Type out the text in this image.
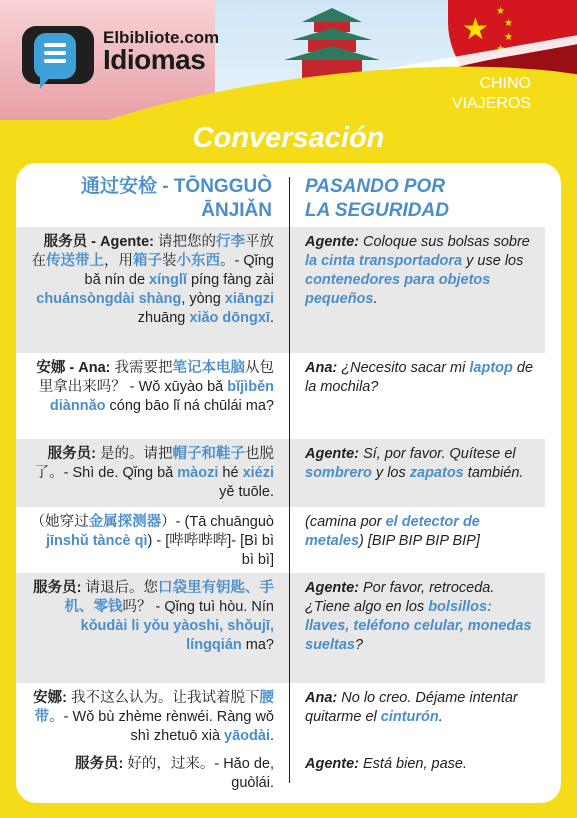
★
★
★
★
Elbibliote.com
Idiomas
CHINO
VIAJEROS
Conversación
通过安检 - TŌNGGUÒ ĀNJIǍN
PASANDO POR
LA SEGURIDAD
服务员 - Agente: 请把您的行李平放在传送带上，用箱子装小东西。- Qǐng bǎ nín de xínglǐ píng fàng zài chuánsòngdài shàng, yòng xiāngzi zhuāng xiǎo dōngxī.
Agente: Coloque sus bolsas sobre la cinta transportadora y use los contenedores para objetos pequeños.
安娜 - Ana: 我需要把笔记本电脑从包里拿出来吗？ - Wǒ xūyào bǎ bǐjìběn diànnǎo cóng bāo lǐ ná chūlái ma?
Ana: ¿Necesito sacar mi laptop de la mochila?
服务员: 是的。请把帽子和鞋子也脱了。- Shì de. Qǐng bǎ màozi hé xiézi yě tuōle.
Agente: Sí, por favor. Quítese el sombrero y los zapatos también.
（她穿过金属探测器）- (Tā chuānguò jīnshǔ tàncè qì) - [哔哔哔哔]- [Bì bì bì bì]
(camina por el detector de metales) [BIP BIP BIP BIP]
服务员: 请退后。您口袋里有钥匙、手机、零钱吗？ - Qǐng tuì hòu. Nín kǒudài li yǒu yàoshi, shǒujī, língqián ma?
Agente: Por favor, retroceda. ¿Tiene algo en los bolsillos: llaves, teléfono celular, monedas sueltas?
安娜: 我不这么认为。让我试着脱下腰带。- Wǒ bù zhème rènwéi. Ràng wǒ shì zhetuō xià yāodài.
Ana: No lo creo. Déjame intentar quitarme el cinturón.
服务员: 好的，过来。- Hǎo de, guòlái.
Agente: Está bien, pase.
